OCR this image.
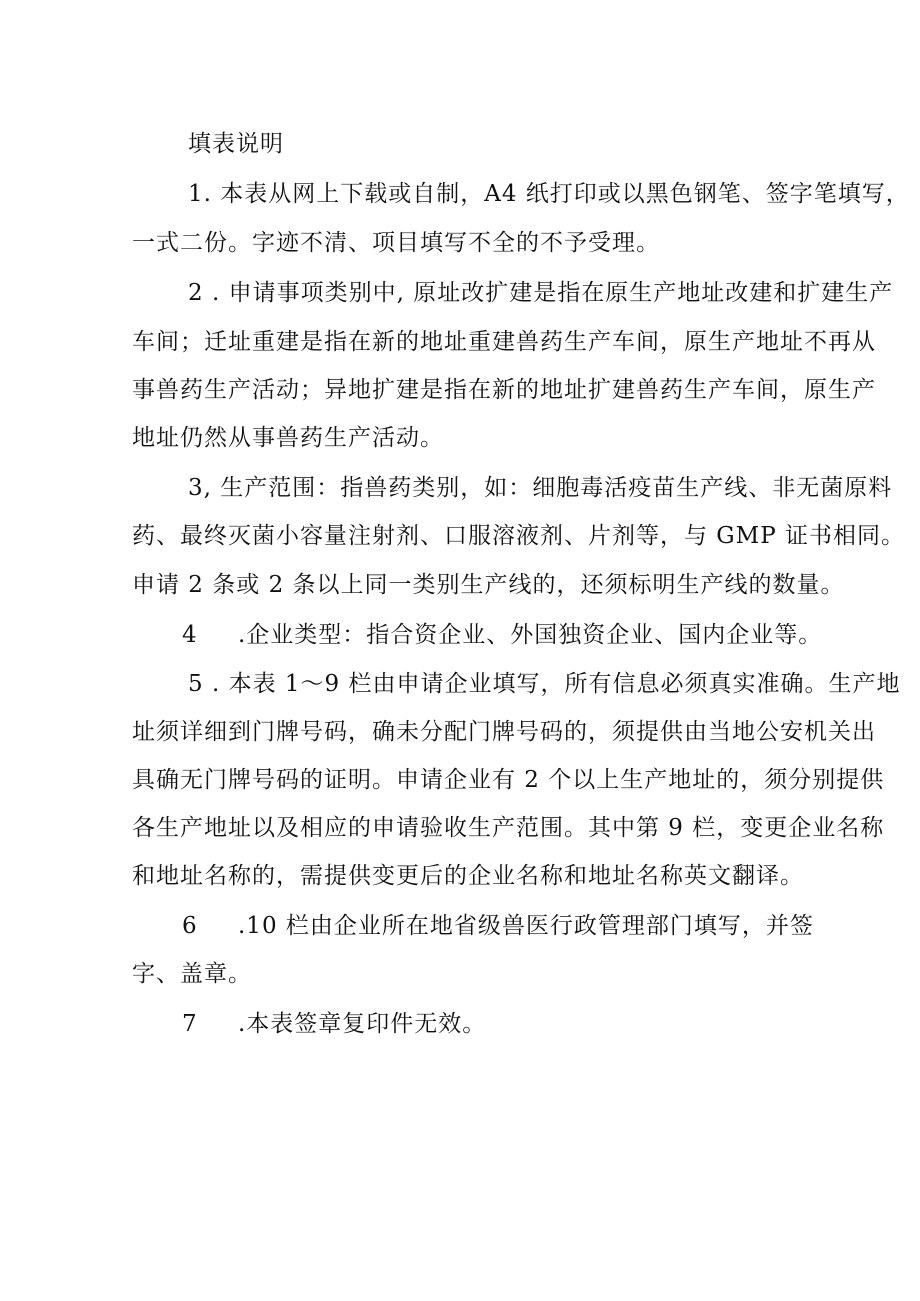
填表说明
1. 本表从网上下载或自制，A4 纸打印或以黑色钢笔、签字笔填写，
一式二份。字迹不清、项目填写不全的不予受理。
2 . 申请事项类别中, 原址改扩建是指在原生产地址改建和扩建生产
车间；迁址重建是指在新的地址重建兽药生产车间，原生产地址不再从
事兽药生产活动；异地扩建是指在新的地址扩建兽药生产车间，原生产
地址仍然从事兽药生产活动。
3, 生产范围：指兽药类别，如：细胞毒活疫苗生产线、非无菌原料
药、最终灭菌小容量注射剂、口服溶液剂、片剂等，与 GMP 证书相同。
申请 2 条或 2 条以上同一类别生产线的，还须标明生产线的数量。
4 .企业类型：指合资企业、外国独资企业、国内企业等。
5 . 本表 1～9 栏由申请企业填写，所有信息必须真实准确。生产地
址须详细到门牌号码，确未分配门牌号码的，须提供由当地公安机关出
具确无门牌号码的证明。申请企业有 2 个以上生产地址的，须分别提供
各生产地址以及相应的申请验收生产范围。其中第 9 栏，变更企业名称
和地址名称的，需提供变更后的企业名称和地址名称英文翻译。
6 .10 栏由企业所在地省级兽医行政管理部门填写，并签
字、盖章。
7 .本表签章复印件无效。
